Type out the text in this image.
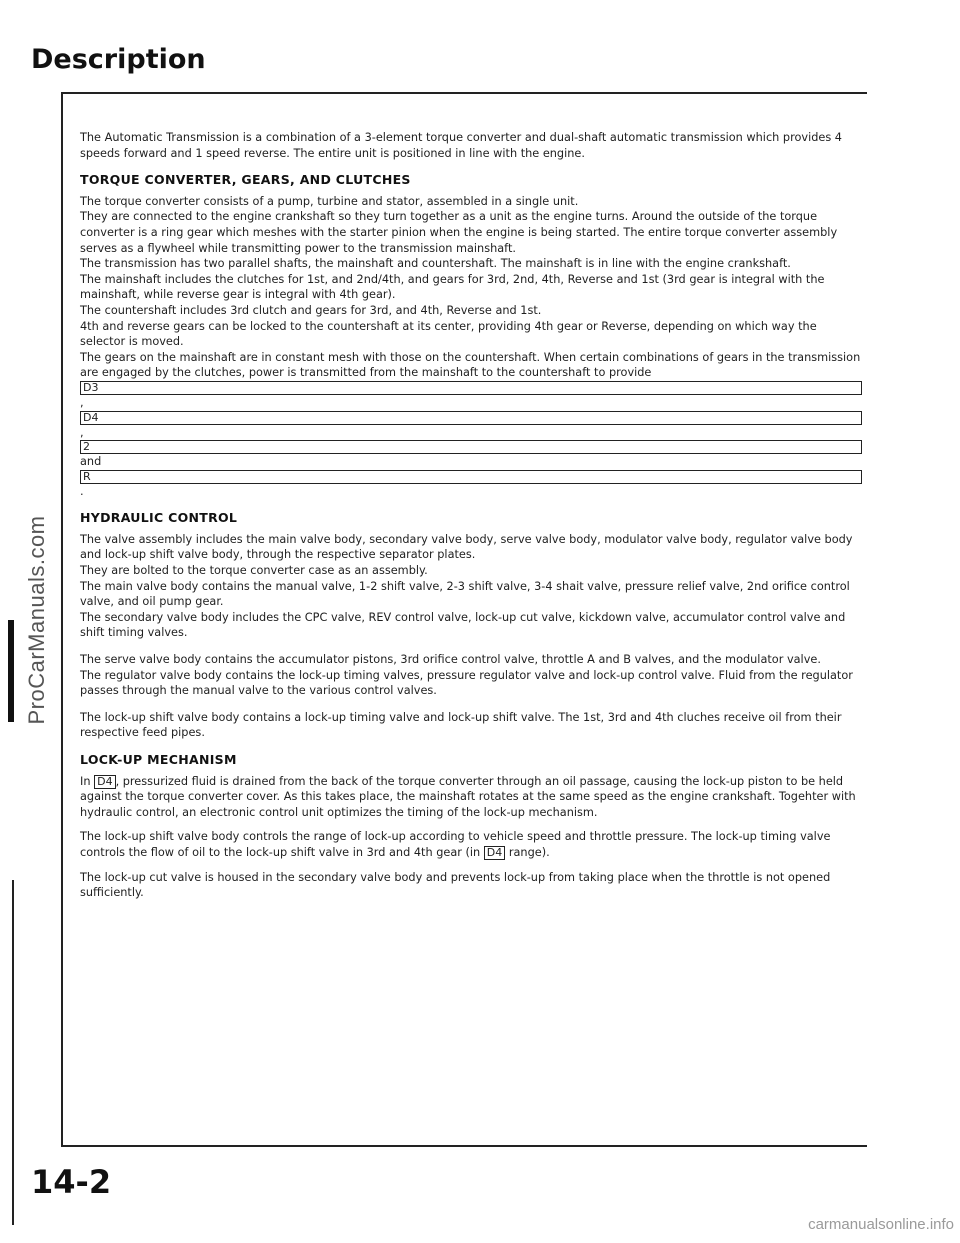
ProCarManuals.com
Description

The Automatic Transmission is a combination of a 3-element torque converter and dual-shaft automatic transmission which provides 4 speeds forward and 1 speed reverse. The entire unit is positioned in line with the engine.

TORQUE CONVERTER, GEARS, AND CLUTCHES
The torque converter consists of a pump, turbine and stator, assembled in a single unit.
They are connected to the engine crankshaft so they turn together as a unit as the engine turns. Around the outside of the torque converter is a ring gear which meshes with the starter pinion when the engine is being started. The entire torque converter assembly serves as a flywheel while transmitting power to the transmission mainshaft.
The transmission has two parallel shafts, the mainshaft and countershaft. The mainshaft is in line with the engine crankshaft.
The mainshaft includes the clutches for 1st, and 2nd/4th, and gears for 3rd, 2nd, 4th, Reverse and 1st (3rd gear is integral with the mainshaft, while reverse gear is integral with 4th gear).
The countershaft includes 3rd clutch and gears for 3rd, and 4th, Reverse and 1st.
4th and reverse gears can be locked to the countershaft at its center, providing 4th gear or Reverse, depending on which way the selector is moved.
The gears on the mainshaft are in constant mesh with those on the countershaft. When certain combinations of gears in the transmission are engaged by the clutches, power is transmitted from the mainshaft to the countershaft to provide
D3
,
D4
,
2
and
R
.
HYDRAULIC CONTROL
The valve assembly includes the main valve body, secondary valve body, serve valve body, modulator valve body, regulator valve body and lock-up shift valve body, through the respective separator plates.
They are bolted to the torque converter case as an assembly.
The main valve body contains the manual valve, 1-2 shift valve, 2-3 shift valve, 3-4 shait valve, pressure relief valve, 2nd orifice control valve, and oil pump gear.
The secondary valve body includes the CPC valve, REV control valve, lock-up cut valve, kickdown valve, accumulator control valve and shift timing valves.
The serve valve body contains the accumulator pistons, 3rd orifice control valve, throttle A and B valves, and the modulator valve.
The regulator valve body contains the lock-up timing valves, pressure regulator valve and lock-up control valve. Fluid from the regulator passes through the manual valve to the various control valves.

The lock-up shift valve body contains a lock-up timing valve and lock-up shift valve. The 1st, 3rd and 4th cluches receive oil from their respective feed pipes.

LOCK-UP MECHANISM

In D4 , pressurized fluid is drained from the back of the torque converter through an oil passage, causing the lock-up piston to be held against the torque converter cover. As this takes place, the mainshaft rotates at the same speed as the engine crankshaft. Togehter with hydraulic control, an electronic control unit optimizes the timing of the lock-up mechanism.

The lock-up shift valve body controls the range of lock-up according to vehicle speed and throttle pressure. The lock-up timing valve controls the flow of oil to the lock-up shift valve in 3rd and 4th gear (in D4 range).

The lock-up cut valve is housed in the secondary valve body and prevents lock-up from taking place when the throttle is not opened sufficiently.

14-2
carmanualsonline.info
